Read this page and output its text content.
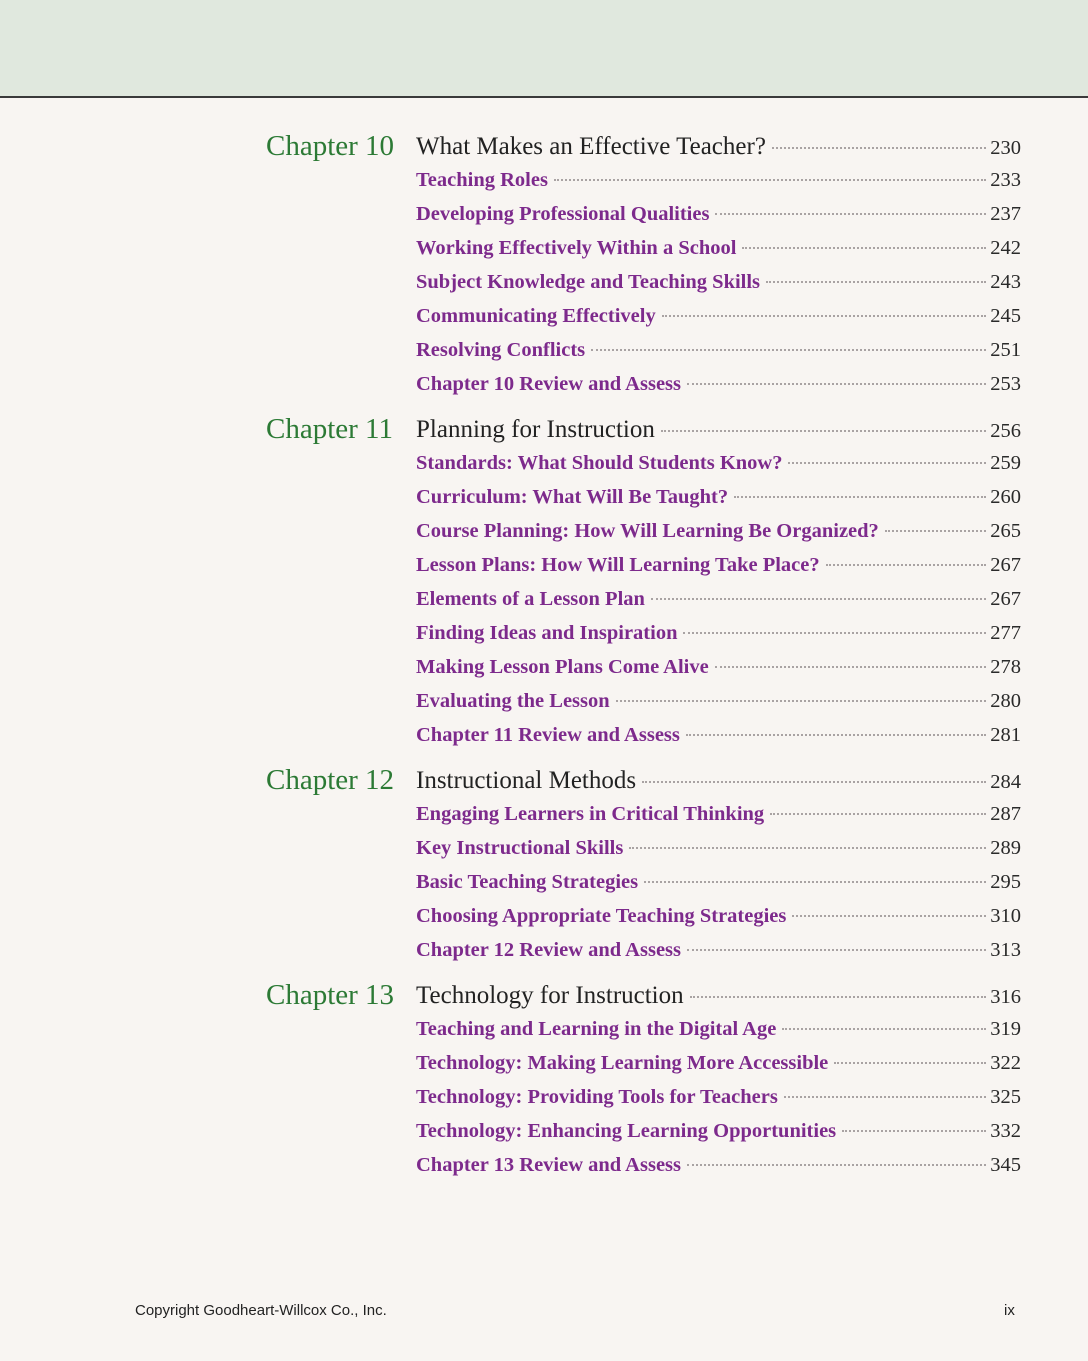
Chapter 10 What Makes an Effective Teacher?	230
Teaching Roles	233
Developing Professional Qualities	237
Working Effectively Within a School	242
Subject Knowledge and Teaching Skills	243
Communicating Effectively	245
Resolving Conflicts	251
Chapter 10 Review and Assess	253
Chapter 11 Planning for Instruction	256
Standards: What Should Students Know?	259
Curriculum: What Will Be Taught?	260
Course Planning: How Will Learning Be Organized?	265
Lesson Plans: How Will Learning Take Place?	267
Elements of a Lesson Plan	267
Finding Ideas and Inspiration	277
Making Lesson Plans Come Alive	278
Evaluating the Lesson	280
Chapter 11 Review and Assess	281
Chapter 12 Instructional Methods	284
Engaging Learners in Critical Thinking	287
Key Instructional Skills	289
Basic Teaching Strategies	295
Choosing Appropriate Teaching Strategies	310
Chapter 12 Review and Assess	313
Chapter 13 Technology for Instruction	316
Teaching and Learning in the Digital Age	319
Technology: Making Learning More Accessible	322
Technology: Providing Tools for Teachers	325
Technology: Enhancing Learning Opportunities	332
Chapter 13 Review and Assess	345
Copyright Goodheart-Willcox Co., Inc.	ix
